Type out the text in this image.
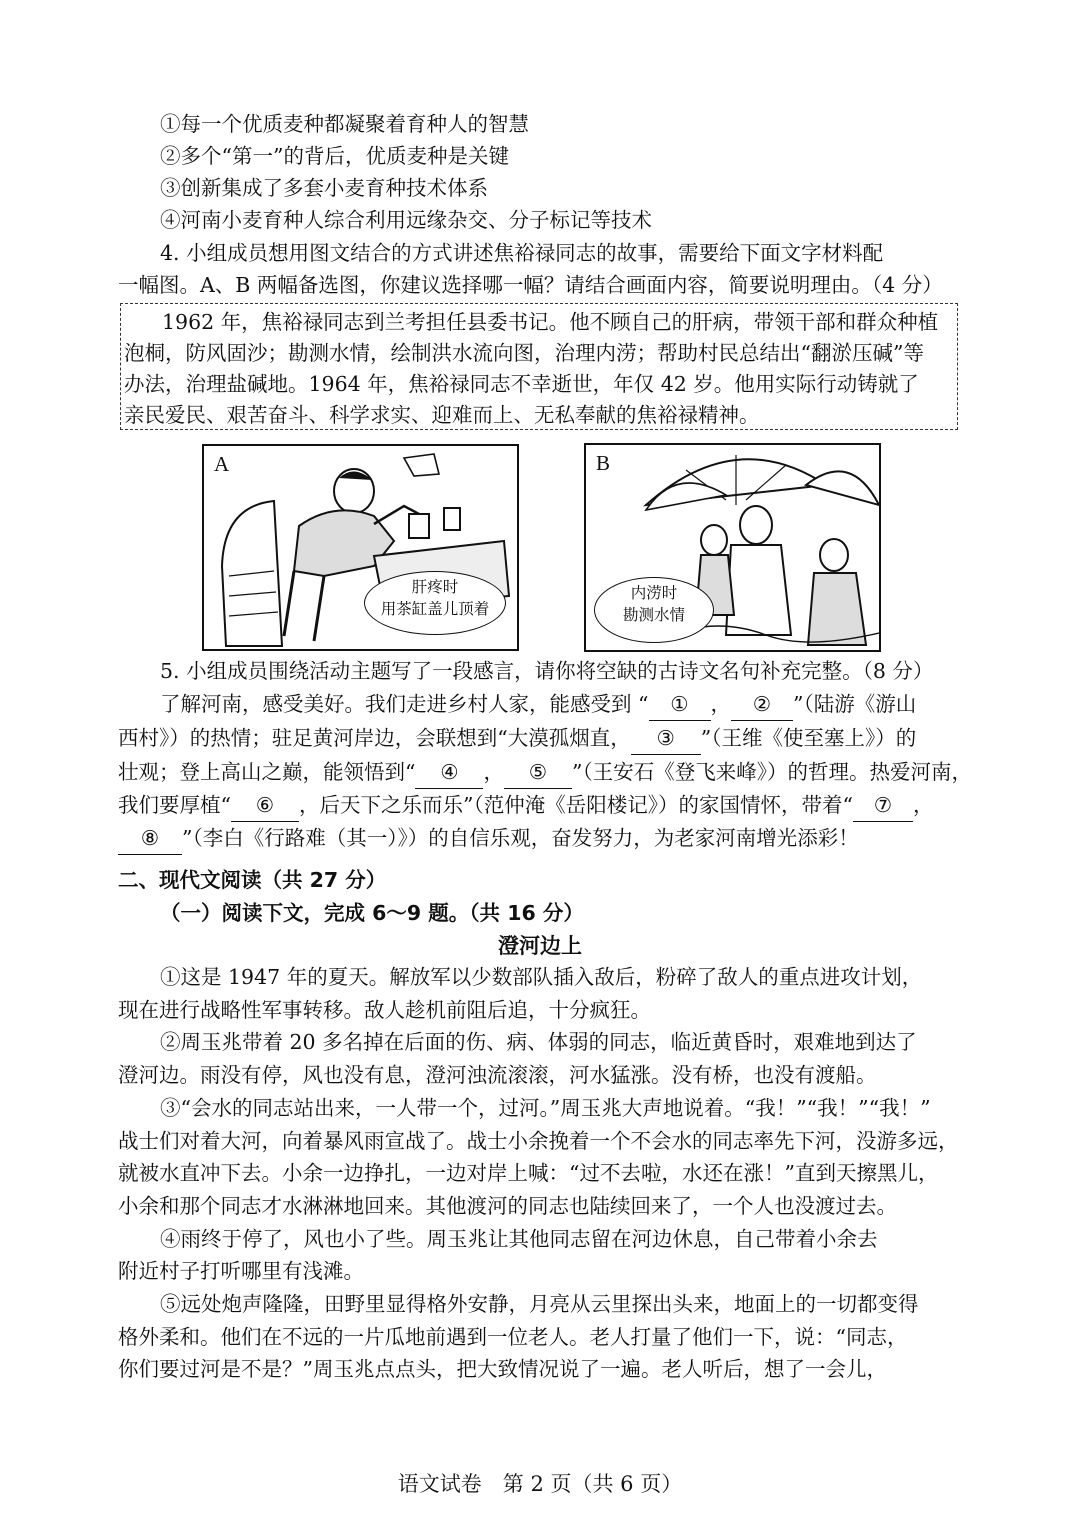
①每一个优质麦种都凝聚着育种人的智慧
②多个“第一”的背后，优质麦种是关键
③创新集成了多套小麦育种技术体系
④河南小麦育种人综合利用远缘杂交、分子标记等技术
4. 小组成员想用图文结合的方式讲述焦裕禄同志的故事，需要给下面文字材料配
一幅图。A、B 两幅备选图，你建议选择哪一幅？请结合画面内容，简要说明理由。（4 分）
1962 年，焦裕禄同志到兰考担任县委书记。他不顾自己的肝病，带领干部和群众种植
泡桐，防风固沙；勘测水情，绘制洪水流向图，治理内涝；帮助村民总结出“翻淤压碱”等
办法，治理盐碱地。1964 年，焦裕禄同志不幸逝世，年仅 42 岁。他用实际行动铸就了
亲民爱民、艰苦奋斗、科学求实、迎难而上、无私奉献的焦裕禄精神。
A
肝疼时
用茶缸盖儿顶着
B
内涝时
勘测水情
5. 小组成员围绕活动主题写了一段感言，请你将空缺的古诗文名句补充完整。（8 分）
了解河南，感受美好。我们走进乡村人家，能感受到 “ ① ， ② ”（陆游《游山
西村》）的热情；驻足黄河岸边，会联想到“大漠孤烟直， ③ ”（王维《使至塞上》）的
壮观；登上高山之巅，能领悟到“ ④ ， ⑤ ”（王安石《登飞来峰》）的哲理。热爱河南，
我们要厚植“ ⑥ ，后天下之乐而乐”（范仲淹《岳阳楼记》）的家国情怀，带着“ ⑦ ，
⑧ ”（李白《行路难（其一）》）的自信乐观，奋发努力，为老家河南增光添彩！
二、现代文阅读（共 27 分）
（一）阅读下文，完成 6～9 题。（共 16 分）
澄河边上
①这是 1947 年的夏天。解放军以少数部队插入敌后，粉碎了敌人的重点进攻计划，
现在进行战略性军事转移。敌人趁机前阻后追，十分疯狂。
②周玉兆带着 20 多名掉在后面的伤、病、体弱的同志，临近黄昏时，艰难地到达了
澄河边。雨没有停，风也没有息，澄河浊流滚滚，河水猛涨。没有桥，也没有渡船。
③“会水的同志站出来，一人带一个，过河。”周玉兆大声地说着。“我！”“我！”“我！”
战士们对着大河，向着暴风雨宣战了。战士小余挽着一个不会水的同志率先下河，没游多远，
就被水直冲下去。小余一边挣扎，一边对岸上喊：“过不去啦，水还在涨！”直到天擦黑儿，
小余和那个同志才水淋淋地回来。其他渡河的同志也陆续回来了，一个人也没渡过去。
④雨终于停了，风也小了些。周玉兆让其他同志留在河边休息，自己带着小余去
附近村子打听哪里有浅滩。
⑤远处炮声隆隆，田野里显得格外安静，月亮从云里探出头来，地面上的一切都变得
格外柔和。他们在不远的一片瓜地前遇到一位老人。老人打量了他们一下，说：“同志，
你们要过河是不是？”周玉兆点点头，把大致情况说了一遍。老人听后，想了一会儿，
语文试卷　第 2 页（共 6 页）
